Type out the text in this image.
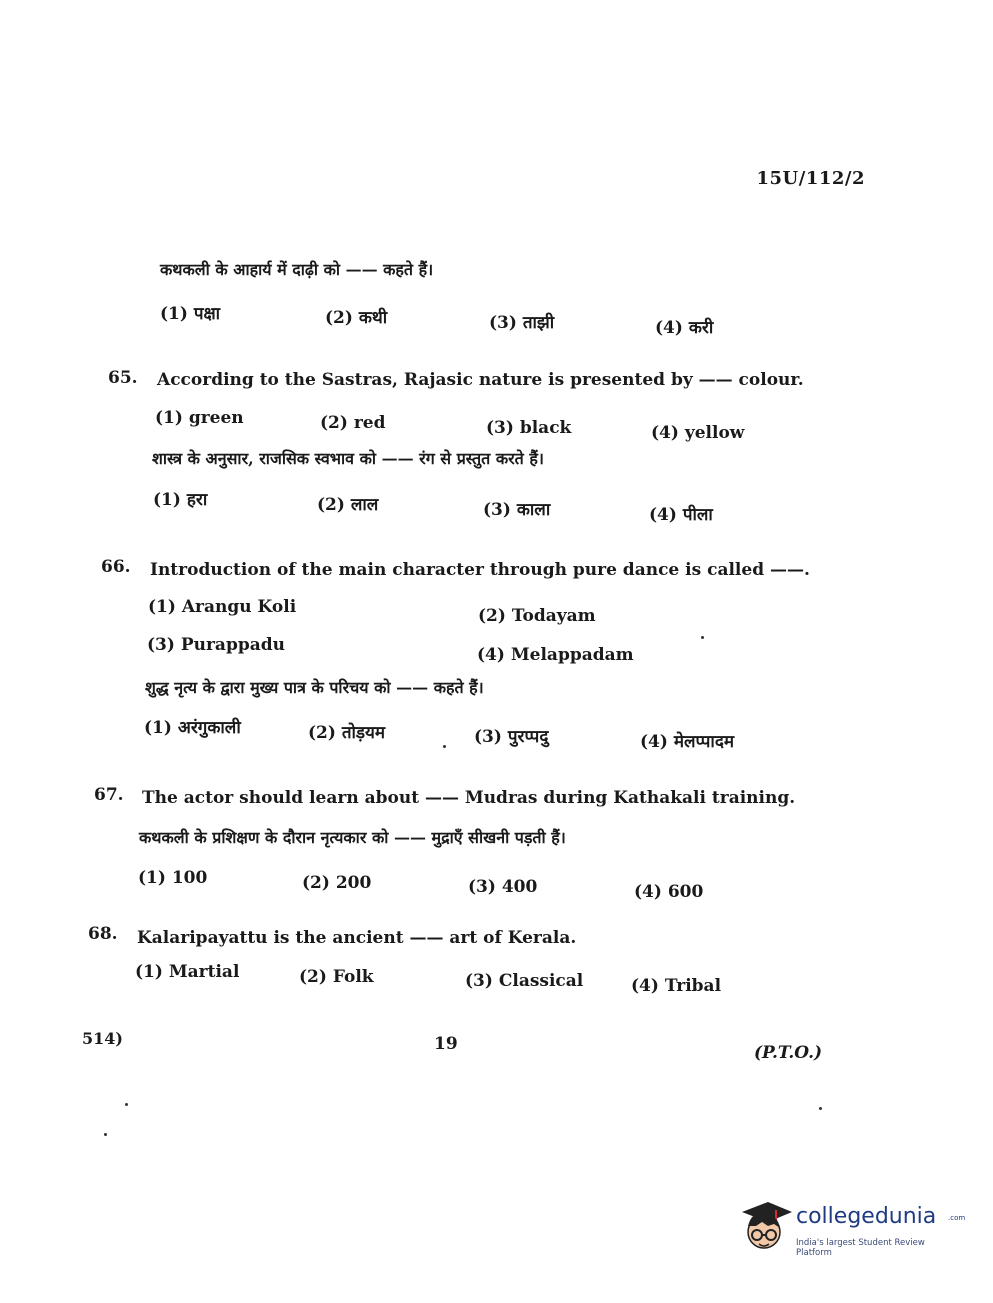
15U/112/2
कथकली के आहार्य में दाढ़ी को —— कहते हैं।
(1) पक्षा	(2) कथी	(3) ताझी	(4) करी
65. According to the Sastras, Rajasic nature is presented by —— colour.
(1) green	(2) red	(3) black	(4) yellow
शास्त्र के अनुसार, राजसिक स्वभाव को —— रंग से प्रस्तुत करते हैं।
(1) हरा	(2) लाल	(3) काला	(4) पीला
66. Introduction of the main character through pure dance is called ——.
(1) Arangu Koli	(2) Todayam
(3) Purappadu	(4) Melappadam
शुद्ध नृत्य के द्वारा मुख्य पात्र के परिचय को —— कहते हैं।
(1) अरंगुकाली	(2) तोड़यम	(3) पुरप्पदु	(4) मेलप्पादम
67. The actor should learn about —— Mudras during Kathakali training.
कथकली के प्रशिक्षण के दौरान नृत्यकार को —— मुद्राएँ सीखनी पड़ती हैं।
(1) 100	(2) 200	(3) 400	(4) 600
68. Kalaripayattu is the ancient —— art of Kerala.
(1) Martial	(2) Folk	(3) Classical	(4) Tribal
514)	19	(P.T.O.)
collegedunia .com
India's largest Student Review Platform
